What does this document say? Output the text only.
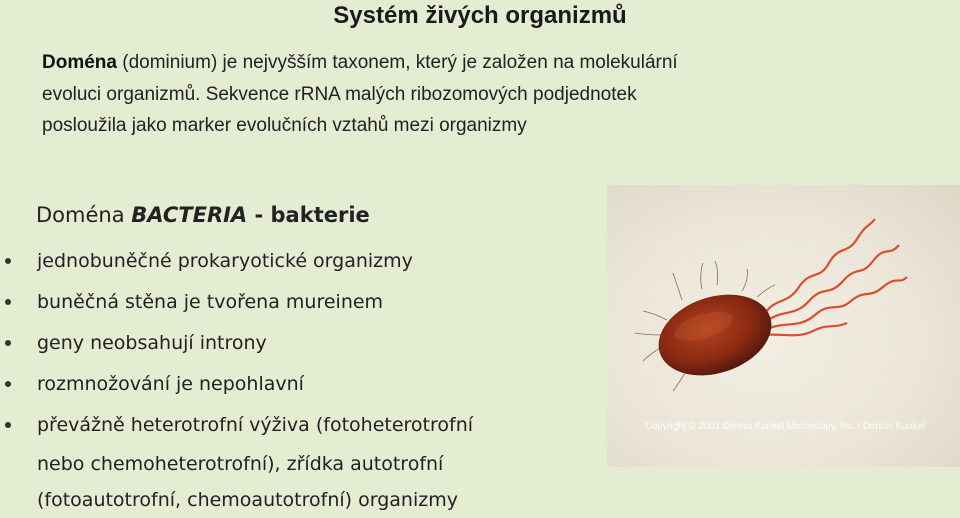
Systém živých organizmů
Doména (dominium) je nejvyšším taxonem, který je založen na molekulární
evoluci organizmů. Sekvence rRNA malých ribozomových podjednotek
posloužila jako marker evolučních vztahů mezi organizmy
Doména BACTERIA - bakterie
jednobuněčné prokaryotické organizmy
buněčná stěna je tvořena mureinem
geny neobsahují introny
rozmnožování je nepohlavní
převážně heterotrofní výživa (fotoheterotrofní
nebo chemoheterotrofní), zřídka autotrofní
(fotoautotrofní, chemoautotrofní) organizmy
Copyright © 2001 Dennis Kunkel Microscopy, Inc. / Dennis Kunkel
